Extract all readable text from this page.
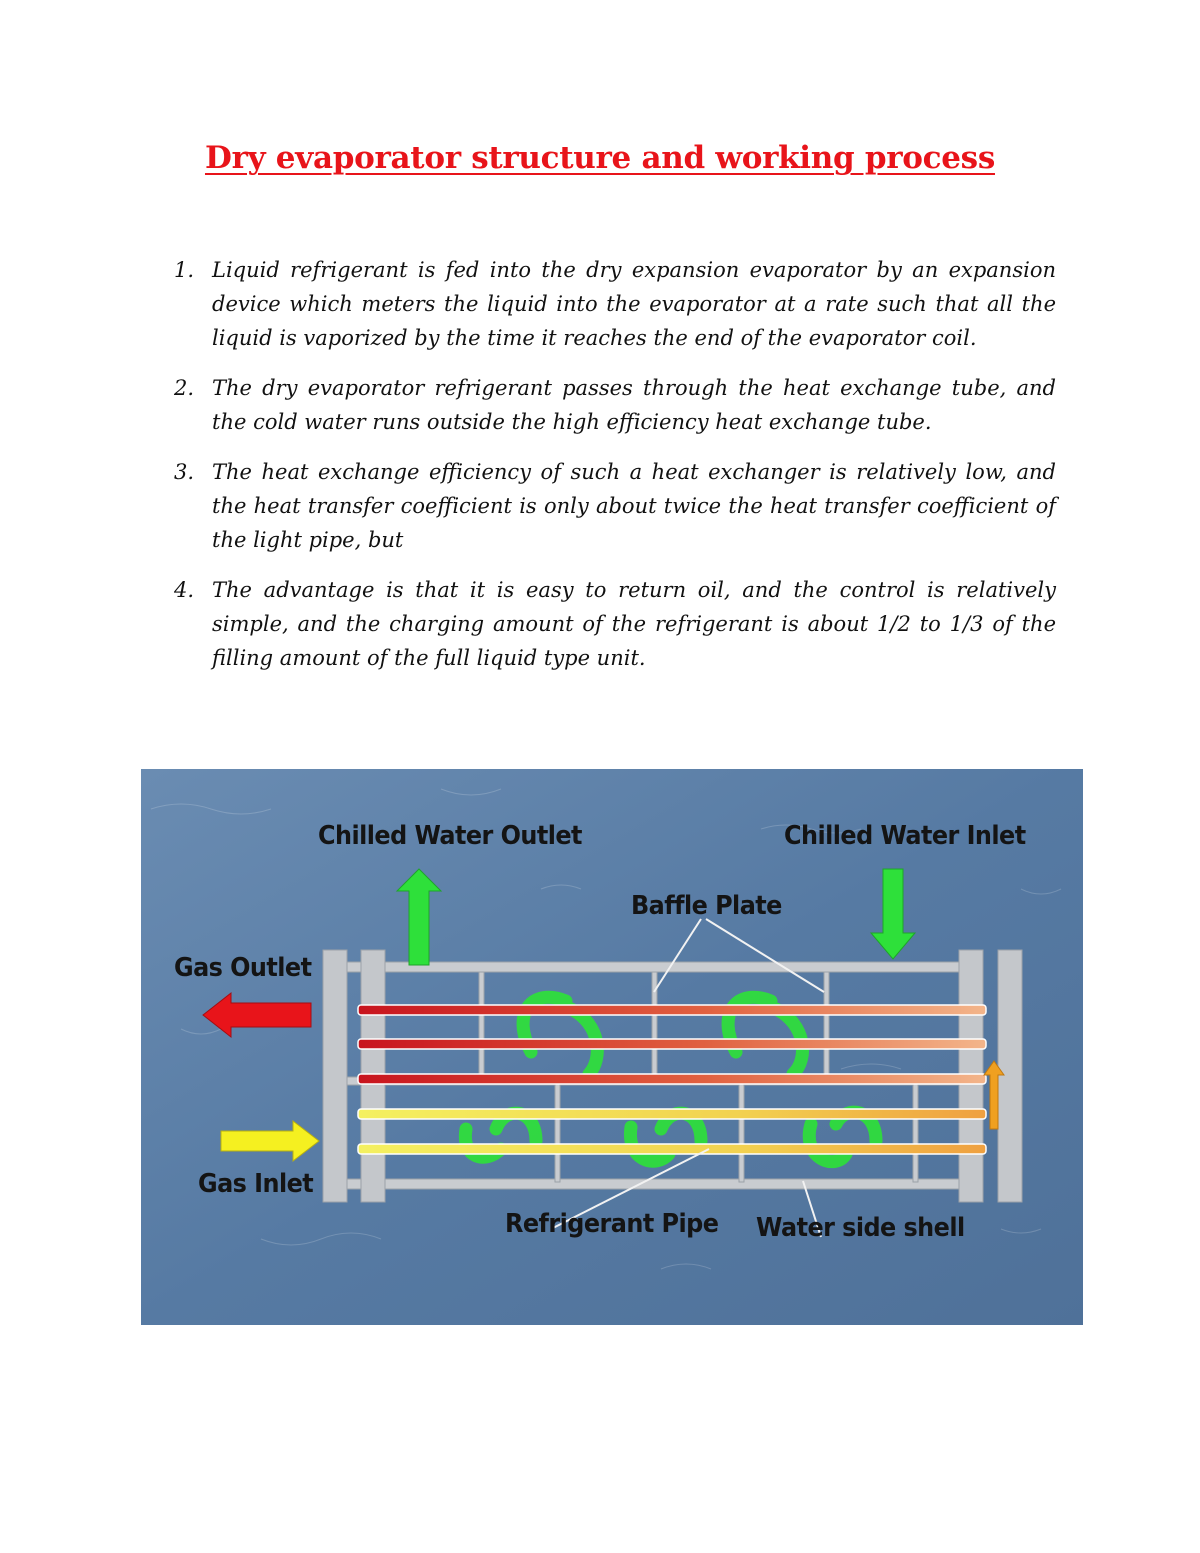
Dry evaporator structure and working process
1. Liquid refrigerant is fed into the dry expansion evaporator by an expansion device which meters the liquid into the evaporator at a rate such that all the liquid is vaporized by the time it reaches the end of the evaporator coil.
2. The dry evaporator refrigerant passes through the heat exchange tube, and the cold water runs outside the high efficiency heat exchange tube.
3. The heat exchange efficiency of such a heat exchanger is relatively low, and the heat transfer coefficient is only about twice the heat transfer coefficient of the light pipe, but
4. The advantage is that it is easy to return oil, and the control is relatively simple, and the charging amount of the refrigerant is about 1/2 to 1/3 of the filling amount of the full liquid type unit.

Chilled Water Outlet	Chilled Water Inlet

Baffle Plate

Gas Outlet

Gas Inlet

Refrigerant Pipe Water side shell
